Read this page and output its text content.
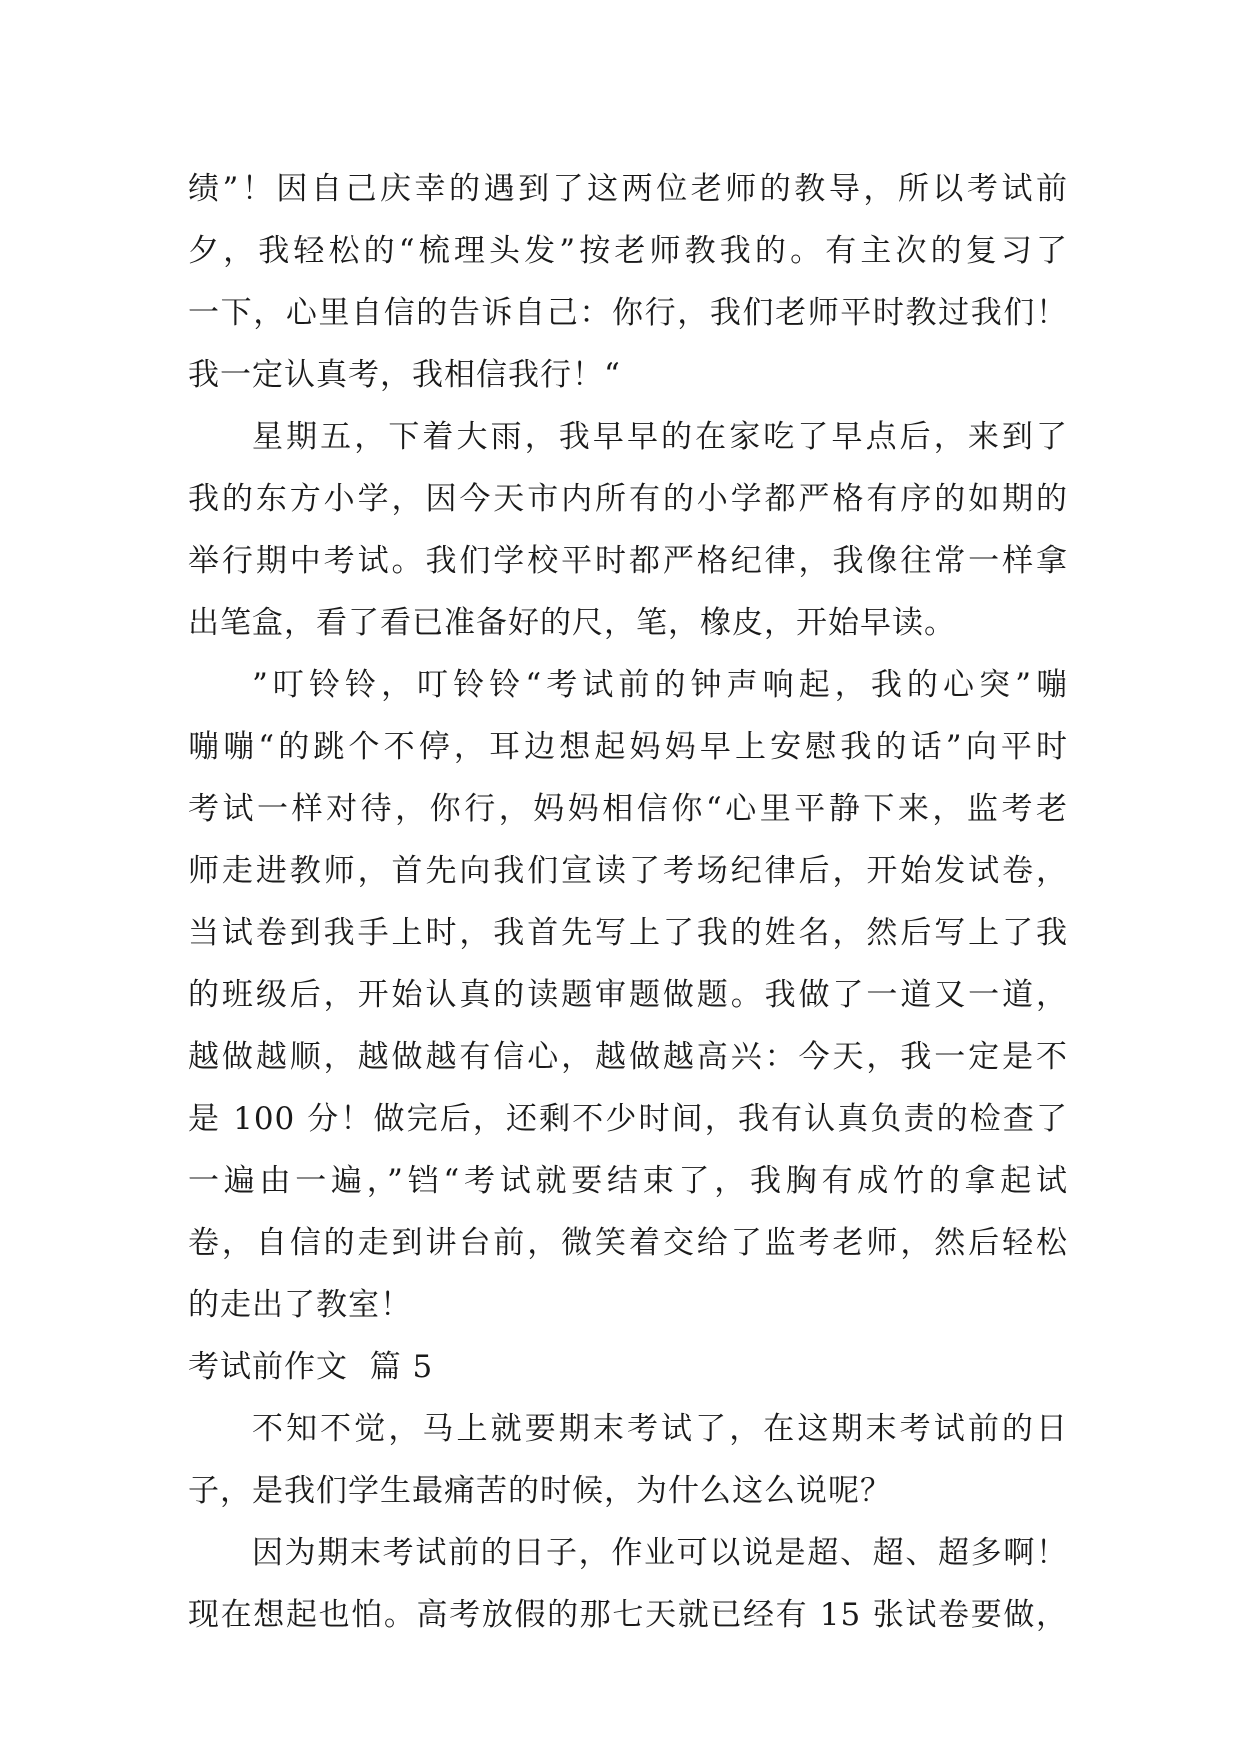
绩”！因自己庆幸的遇到了这两位老师的教导，所以考试前
夕，我轻松的“梳理头发”按老师教我的。有主次的复习了
一下，心里自信的告诉自己：你行，我们老师平时教过我们！
我一定认真考，我相信我行！“
星期五，下着大雨，我早早的在家吃了早点后，来到了
我的东方小学，因今天市内所有的小学都严格有序的如期的
举行期中考试。我们学校平时都严格纪律，我像往常一样拿
出笔盒，看了看已准备好的尺，笔，橡皮，开始早读。
”叮铃铃，叮铃铃“考试前的钟声响起，我的心突”嘣
嘣嘣“的跳个不停，耳边想起妈妈早上安慰我的话”向平时
考试一样对待，你行，妈妈相信你“心里平静下来，监考老
师走进教师，首先向我们宣读了考场纪律后，开始发试卷，
当试卷到我手上时，我首先写上了我的姓名，然后写上了我
的班级后，开始认真的读题审题做题。我做了一道又一道，
越做越顺，越做越有信心，越做越高兴：今天，我一定是不
是 100 分！做完后，还剩不少时间，我有认真负责的检查了
一遍由一遍，”铛“考试就要结束了，我胸有成竹的拿起试
卷，自信的走到讲台前，微笑着交给了监考老师，然后轻松
的走出了教室！
考试前作文  篇 5
不知不觉，马上就要期末考试了，在这期末考试前的日
子，是我们学生最痛苦的时候，为什么这么说呢？
因为期末考试前的日子，作业可以说是超、超、超多啊！
现在想起也怕。高考放假的那七天就已经有 15 张试卷要做，
